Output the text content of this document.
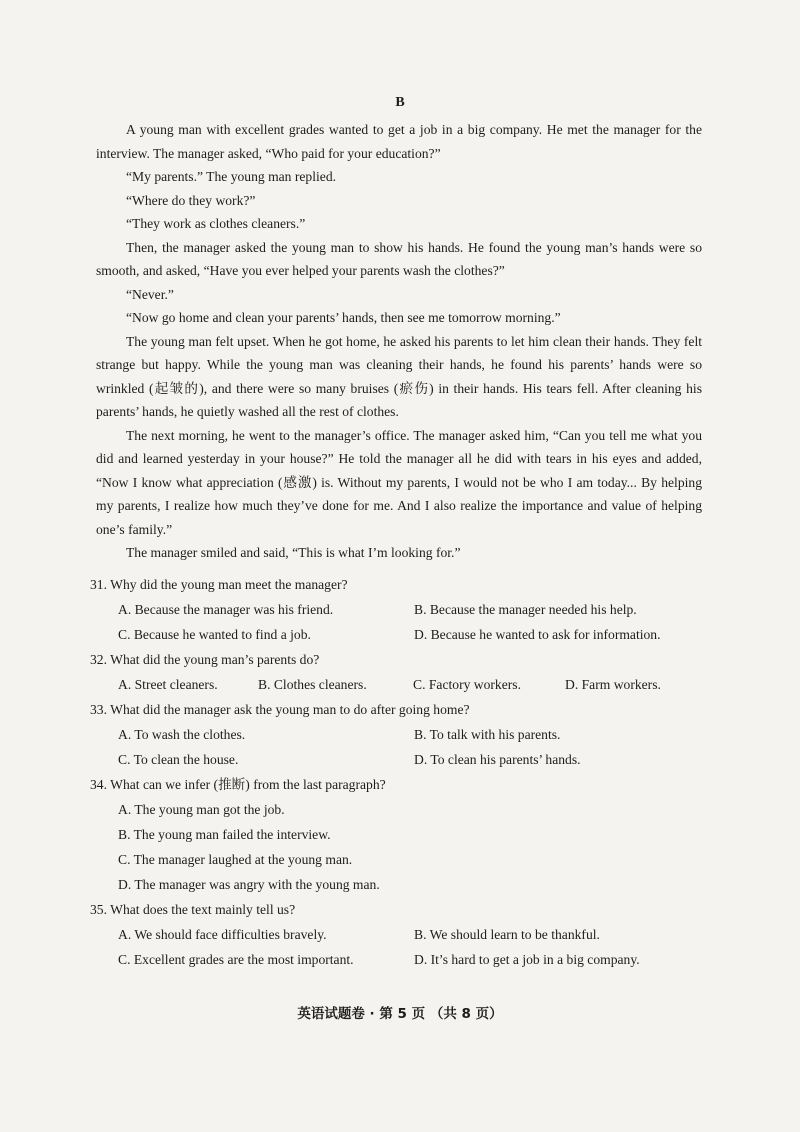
B

A young man with excellent grades wanted to get a job in a big company. He met the manager for the interview. The manager asked, “Who paid for your education?”

“My parents.” The young man replied.

“Where do they work?”

“They work as clothes cleaners.”

Then, the manager asked the young man to show his hands. He found the young man’s hands were so smooth, and asked, “Have you ever helped your parents wash the clothes?”

“Never.”

“Now go home and clean your parents’ hands, then see me tomorrow morning.”

The young man felt upset. When he got home, he asked his parents to let him clean their hands. They felt strange but happy. While the young man was cleaning their hands, he found his parents’ hands were so wrinkled (起皱的), and there were so many bruises (瘀伤) in their hands. His tears fell. After cleaning his parents’ hands, he quietly washed all the rest of clothes.

The next morning, he went to the manager’s office. The manager asked him, “Can you tell me what you did and learned yesterday in your house?” He told the manager all he did with tears in his eyes and added, “Now I know what appreciation (感激) is. Without my parents, I would not be who I am today... By helping my parents, I realize how much they’ve done for me. And I also realize the importance and value of helping one’s family.”

The manager smiled and said, “This is what I’m looking for.”

31. Why did the young man meet the manager?

A. Because the manager was his friend.	B. Because the manager needed his help.
C. Because he wanted to find a job.	D. Because he wanted to ask for information.

32. What did the young man’s parents do?

A. Street cleaners.	B. Clothes cleaners.	C. Factory workers.	D. Farm workers.

33. What did the manager ask the young man to do after going home?

A. To wash the clothes.	B. To talk with his parents.
C. To clean the house.	D. To clean his parents’ hands.

34. What can we infer (推断) from the last paragraph?

A. The young man got the job.
B. The young man failed the interview.
C. The manager laughed at the young man.
D. The manager was angry with the young man.

35. What does the text mainly tell us?

A. We should face difficulties bravely.	B. We should learn to be thankful.
C. Excellent grades are the most important.	D. It’s hard to get a job in a big company.
英语试题卷 · 第 5 页 （共 8 页）
